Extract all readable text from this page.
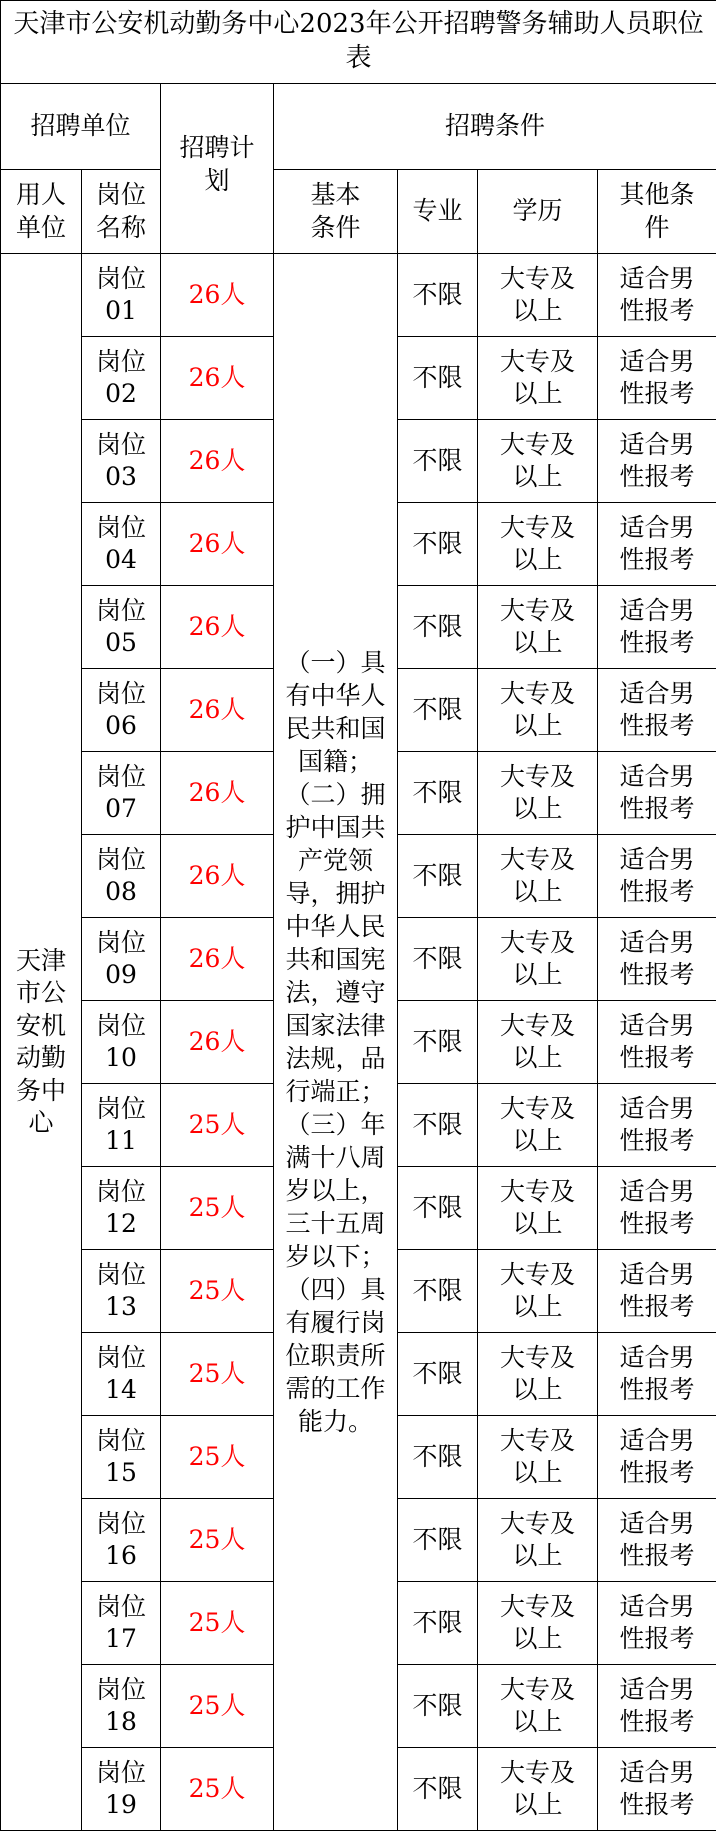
天津市公安机动勤务中心2023年公开招聘警务辅助人员职位表						
招聘单位		招聘计划	招聘条件			

用人单位	岗位名称		基本条件	专业	学历	其他条件

天津市公安机动勤务中心	岗位01	26人	（一）具有中华人民共和国国籍；（二）拥护中国共产党领导，拥护中华人民共和国宪法，遵守国家法律法规，品行端正；（三）年满十八周岁以上，三十五周岁以下；（四）具有履行岗位职责所需的工作能力。	不限	大专及以上	适合男性报考

	岗位02	26人		不限	大专及以上	适合男性报考

	岗位03	26人		不限	大专及以上	适合男性报考

	岗位04	26人		不限	大专及以上	适合男性报考

	岗位05	26人		不限	大专及以上	适合男性报考

	岗位06	26人		不限	大专及以上	适合男性报考

	岗位07	26人		不限	大专及以上	适合男性报考

	岗位08	26人		不限	大专及以上	适合男性报考

	岗位09	26人		不限	大专及以上	适合男性报考

	岗位10	26人		不限	大专及以上	适合男性报考

	岗位11	25人		不限	大专及以上	适合男性报考

	岗位12	25人		不限	大专及以上	适合男性报考

	岗位13	25人		不限	大专及以上	适合男性报考

	岗位14	25人		不限	大专及以上	适合男性报考

	岗位15	25人		不限	大专及以上	适合男性报考

	岗位16	25人		不限	大专及以上	适合男性报考

	岗位17	25人		不限	大专及以上	适合男性报考

	岗位18	25人		不限	大专及以上	适合男性报考

	岗位19	25人		不限	大专及以上	适合男性报考
